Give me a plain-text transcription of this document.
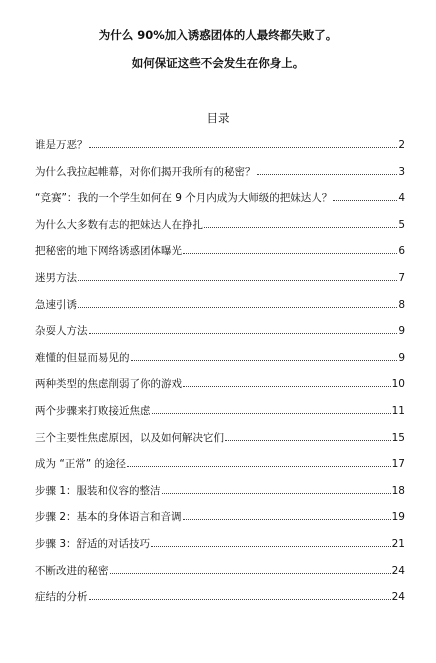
为什么 90%加入诱惑团体的人最终都失败了。
如何保证这些不会发生在你身上。
目录
谁是万恶？	2
为什么我拉起帷幕，对你们揭开我所有的秘密？	3
“竞赛”：我的一个学生如何在 9 个月内成为大师级的把妹达人？	4
为什么大多数有志的把妹达人在挣扎	5
把秘密的地下网络诱惑团体曝光	6
迷男方法	7
急速引诱	8
杂耍人方法	9
难懂的但显而易见的	9
两种类型的焦虑削弱了你的游戏	10
两个步骤来打败接近焦虑	11
三个主要性焦虑原因，以及如何解决它们	15
成为 “正常” 的途径	17
步骤 1：服装和仪容的整洁	18
步骤 2：基本的身体语言和音调	19
步骤 3：舒适的对话技巧	21
不断改进的秘密	24
症结的分析	24
